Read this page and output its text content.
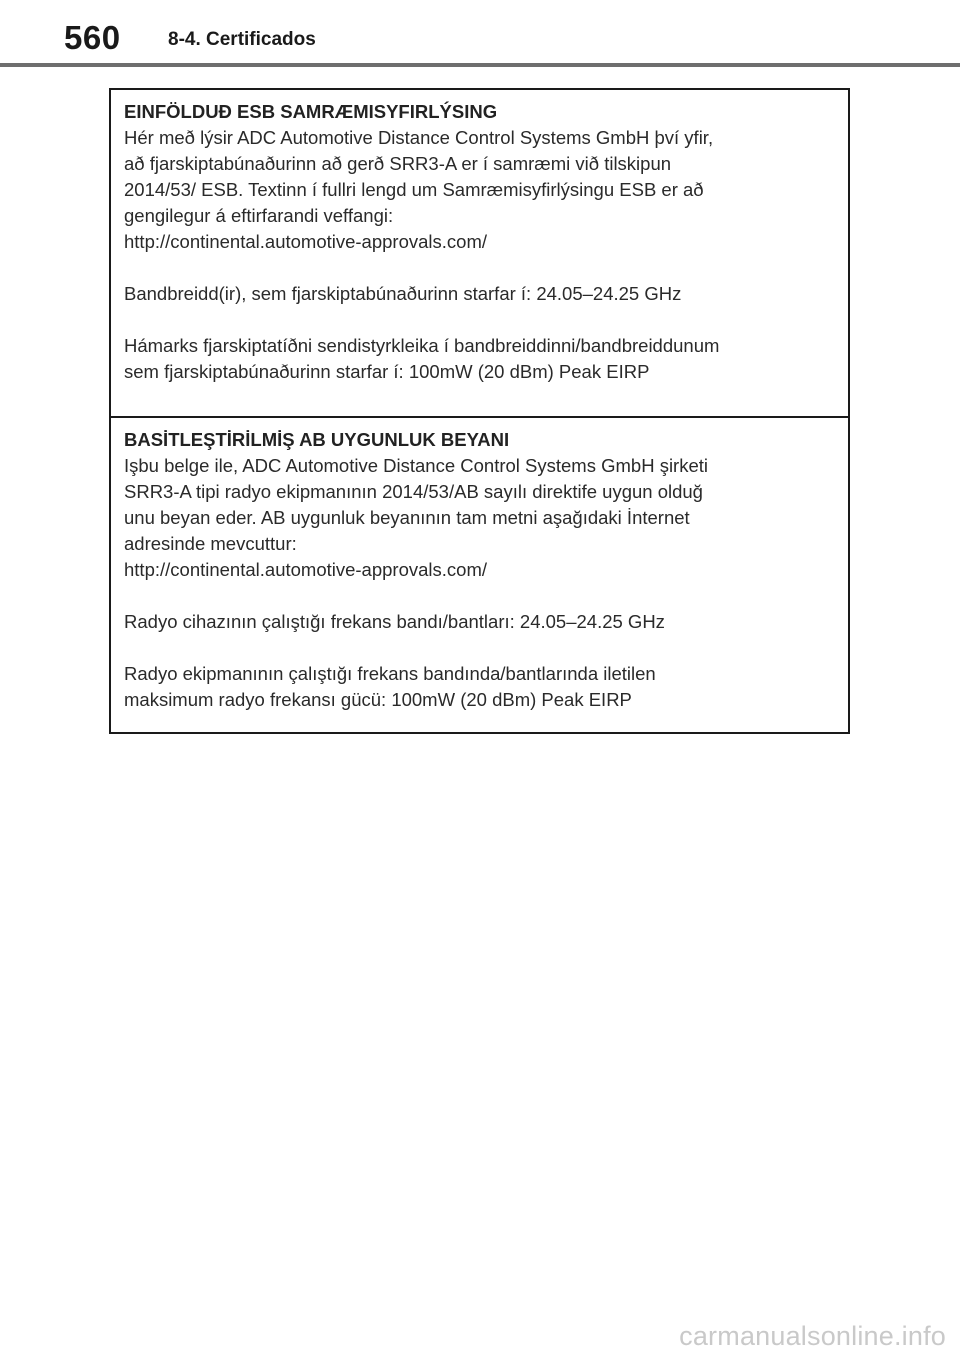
560 8-4. Certificados

EINFÖLDUÐ ESB SAMRÆMISYFIRLÝSING

Hér með lýsir ADC Automotive Distance Control Systems GmbH því yfir,

að fjarskiptabúnaðurinn að gerð SRR3-A er í samræmi við tilskipun

2014/53/ ESB. Textinn í fullri lengd um Samræmisyfirlýsingu ESB er að

gengilegur á eftirfarandi veffangi:

http://continental.automotive-approvals.com/

Bandbreidd(ir), sem fjarskiptabúnaðurinn starfar í: 24.05–24.25 GHz

Hámarks fjarskiptatíðni sendistyrkleika í bandbreiddinni/bandbreiddunum

sem fjarskiptabúnaðurinn starfar í: 100mW (20 dBm) Peak EIRP

BASİTLEŞTİRİLMİŞ AB UYGUNLUK BEYANI

Işbu belge ile, ADC Automotive Distance Control Systems GmbH şirketi

SRR3-A tipi radyo ekipmanının 2014/53/AB sayılı direktife uygun olduğ

unu beyan eder. AB uygunluk beyanının tam metni aşağıdaki İnternet

adresinde mevcuttur:

http://continental.automotive-approvals.com/

Radyo cihazının çalıştığı frekans bandı/bantları: 24.05–24.25 GHz

Radyo ekipmanının çalıştığı frekans bandında/bantlarında iletilen

maksimum radyo frekansı gücü: 100mW (20 dBm) Peak EIRP

carmanualsonline.info
